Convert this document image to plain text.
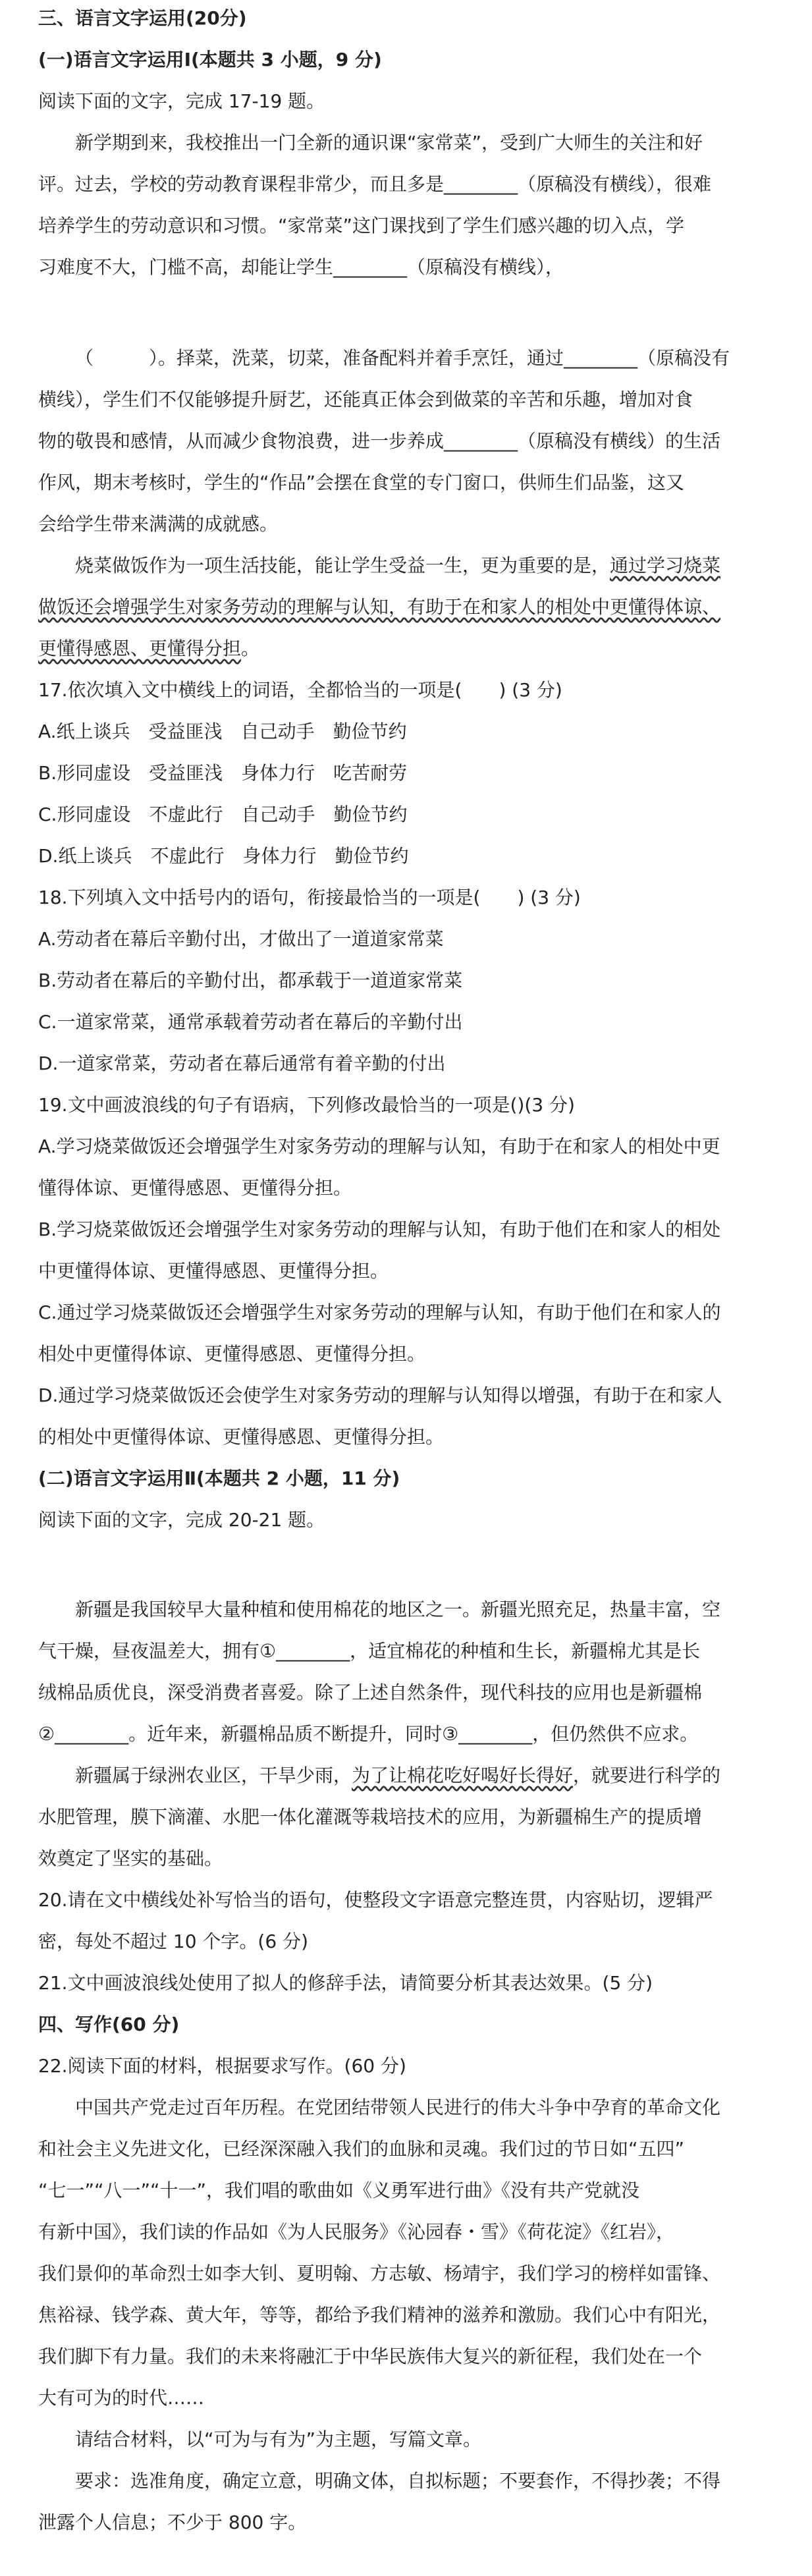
三、语言文字运用(20分)
(一)语言文字运用Ⅰ(本题共 3 小题，9 分)
阅读下面的文字，完成 17-19 题。
新学期到来，我校推出一门全新的通识课“家常菜”，受到广大师生的关注和好
评。过去，学校的劳动教育课程非常少，而且多是________（原稿没有横线），很难
培养学生的劳动意识和习惯。“家常菜”这门课找到了学生们感兴趣的切入点，学
习难度不大，门槛不高，却能让学生________（原稿没有横线），
（　　　）。择菜，洗菜，切菜，准备配料并着手烹饪，通过________（原稿没有
横线），学生们不仅能够提升厨艺，还能真正体会到做菜的辛苦和乐趣，增加对食
物的敬畏和感情，从而减少食物浪费，进一步养成________（原稿没有横线）的生活
作风，期末考核时，学生的“作品”会摆在食堂的专门窗口，供师生们品鉴，这又
会给学生带来满满的成就感。
烧菜做饭作为一项生活技能，能让学生受益一生，更为重要的是，通过学习烧菜
做饭还会增强学生对家务劳动的理解与认知，有助于在和家人的相处中更懂得体谅、
更懂得感恩、更懂得分担。
17.依次填入文中横线上的词语，全都恰当的一项是(　　) (3 分)
A.纸上谈兵　受益匪浅　自己动手　勤俭节约
B.形同虚设　受益匪浅　身体力行　吃苦耐劳
C.形同虚设　不虚此行　自己动手　勤俭节约
D.纸上谈兵　不虚此行　身体力行　勤俭节约
18.下列填入文中括号内的语句，衔接最恰当的一项是(　　) (3 分)
A.劳动者在幕后辛勤付出，才做出了一道道家常菜
B.劳动者在幕后的辛勤付出，都承载于一道道家常菜
C.一道家常菜，通常承载着劳动者在幕后的辛勤付出
D.一道家常菜，劳动者在幕后通常有着辛勤的付出
19.文中画波浪线的句子有语病，下列修改最恰当的一项是()(3 分)
A.学习烧菜做饭还会增强学生对家务劳动的理解与认知，有助于在和家人的相处中更
懂得体谅、更懂得感恩、更懂得分担。
B.学习烧菜做饭还会增强学生对家务劳动的理解与认知，有助于他们在和家人的相处
中更懂得体谅、更懂得感恩、更懂得分担。
C.通过学习烧菜做饭还会增强学生对家务劳动的理解与认知，有助于他们在和家人的
相处中更懂得体谅、更懂得感恩、更懂得分担。
D.通过学习烧菜做饭还会使学生对家务劳动的理解与认知得以增强，有助于在和家人
的相处中更懂得体谅、更懂得感恩、更懂得分担。
(二)语言文字运用Ⅱ(本题共 2 小题，11 分)
阅读下面的文字，完成 20-21 题。
新疆是我国较早大量种植和使用棉花的地区之一。新疆光照充足，热量丰富，空
气干燥，昼夜温差大，拥有①________，适宜棉花的种植和生长，新疆棉尤其是长
绒棉品质优良，深受消费者喜爱。除了上述自然条件，现代科技的应用也是新疆棉
②________。近年来，新疆棉品质不断提升，同时③________，但仍然供不应求。
新疆属于绿洲农业区，干旱少雨，为了让棉花吃好喝好长得好，就要进行科学的
水肥管理，膜下滴灌、水肥一体化灌溉等栽培技术的应用，为新疆棉生产的提质增
效奠定了坚实的基础。
20.请在文中横线处补写恰当的语句，使整段文字语意完整连贯，内容贴切，逻辑严
密，每处不超过 10 个字。(6 分)
21.文中画波浪线处使用了拟人的修辞手法，请简要分析其表达效果。(5 分)
四、写作(60 分)
22.阅读下面的材料，根据要求写作。(60 分)
中国共产党走过百年历程。在党团结带领人民进行的伟大斗争中孕育的革命文化
和社会主义先进文化，已经深深融入我们的血脉和灵魂。我们过的节日如“五四”
“七一”“八一”“十一”，我们唱的歌曲如《义勇军进行曲》《没有共产党就没
有新中国》，我们读的作品如《为人民服务》《沁园春・雪》《荷花淀》《红岩》，
我们景仰的革命烈士如李大钊、夏明翰、方志敏、杨靖宇，我们学习的榜样如雷锋、
焦裕禄、钱学森、黄大年，等等，都给予我们精神的滋养和激励。我们心中有阳光，
我们脚下有力量。我们的未来将融汇于中华民族伟大复兴的新征程，我们处在一个
大有可为的时代……
请结合材料，以“可为与有为”为主题，写篇文章。
要求：选准角度，确定立意，明确文体，自拟标题；不要套作，不得抄袭；不得
泄露个人信息；不少于 800 字。
